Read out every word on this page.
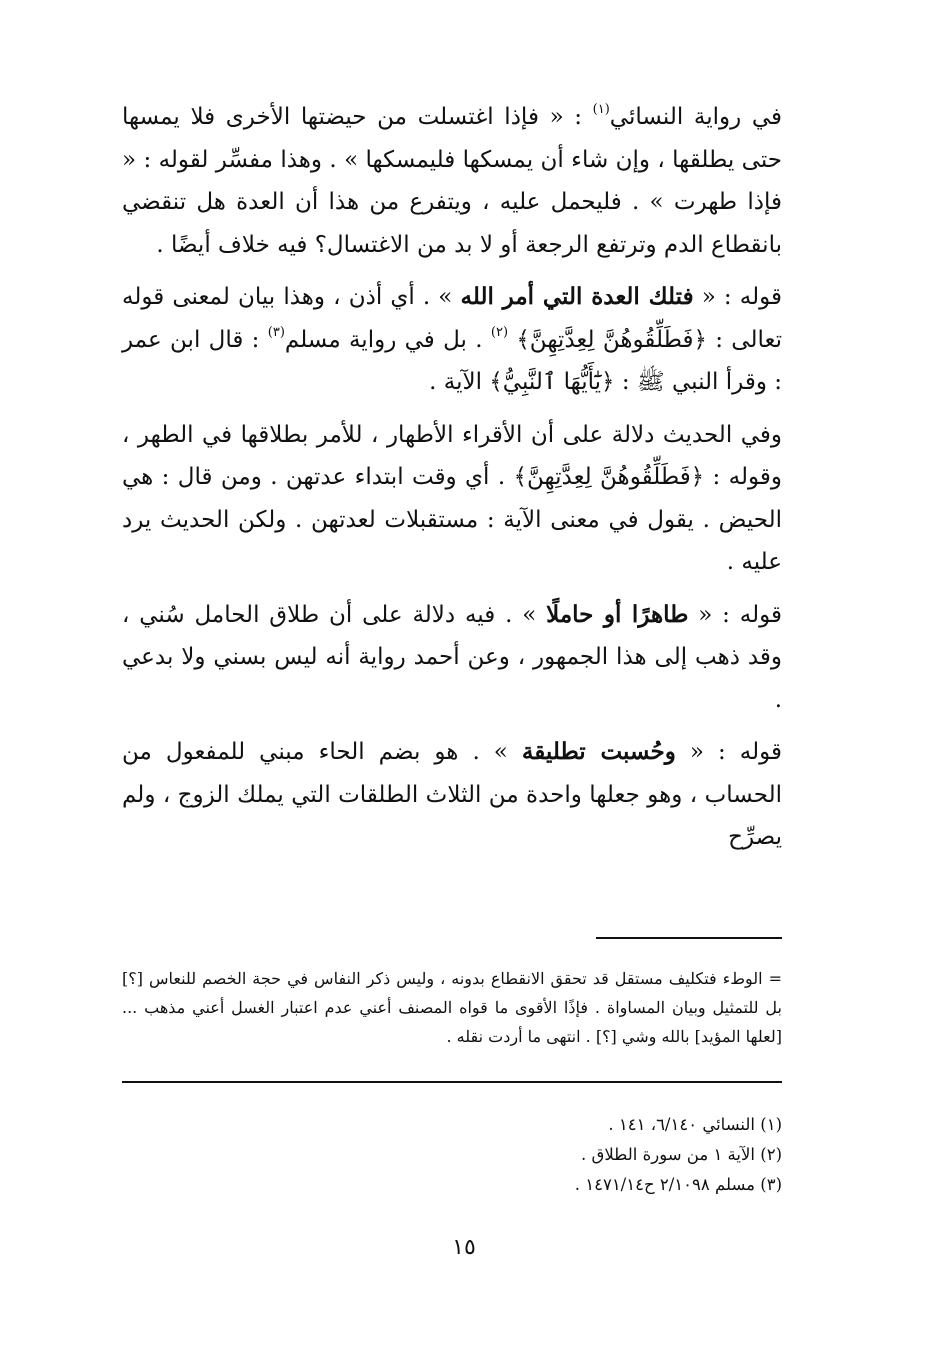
في رواية النسائي$^{(١)}$ : « فإذا اغتسلت من حيضتها الأخرى فلا يمسها حتى يطلقها ، وإن شاء أن يمسكها فليمسكها » . وهذا مفسِّر لقوله : « فإذا طهرت » . فليحمل عليه ، ويتفرع من هذا أن العدة هل تنقضي بانقطاع الدم وترتفع الرجعة أو لا بد من الاغتسال؟ فيه خلاف أيضًا .

قوله : « فتلك العدة التي أمر الله » . أي أذن ، وهذا بيان لمعنى قوله تعالى : ﴿فَطَلِّقُوهُنَّ لِعِدَّتِهِنَّ﴾ $^{(٢)}$ . بل في رواية مسلم$^{(٣)}$ : قال ابن عمر : وقرأ النبي ﷺ : ﴿يَٰٓأَيُّهَا ٱلنَّبِيُّ﴾ الآية .

وفي الحديث دلالة على أن الأقراء الأطهار ، للأمر بطلاقها في الطهر ، وقوله : ﴿فَطَلِّقُوهُنَّ لِعِدَّتِهِنَّ﴾ . أي وقت ابتداء عدتهن . ومن قال : هي الحيض . يقول في معنى الآية : مستقبلات لعدتهن . ولكن الحديث يرد عليه .

قوله : « طاهرًا أو حاملًا » . فيه دلالة على أن طلاق الحامل سُني ، وقد ذهب إلى هذا الجمهور ، وعن أحمد رواية أنه ليس بسني ولا بدعي .

قوله : « وحُسبت تطليقة » . هو بضم الحاء مبني للمفعول من الحساب ، وهو جعلها واحدة من الثلاث الطلقات التي يملك الزوج ، ولم يصرِّح

= الوطء فتكليف مستقل قد تحقق الانقطاع بدونه ، وليس ذكر النفاس في حجة الخصم للنعاس [؟] بل للتمثيل وبيان المساواة . فإذًا الأقوى ما قواه المصنف أعني عدم اعتبار الغسل أعني مذهب ... [لعلها المؤيد] بالله وشي [؟] . انتهى ما أردت نقله .

(١) النسائي ٦/١٤٠، ١٤١ .
(٢) الآية ١ من سورة الطلاق .
(٣) مسلم ٢/١٠٩٨ ح١٤٧١/١٤ .
١٥
